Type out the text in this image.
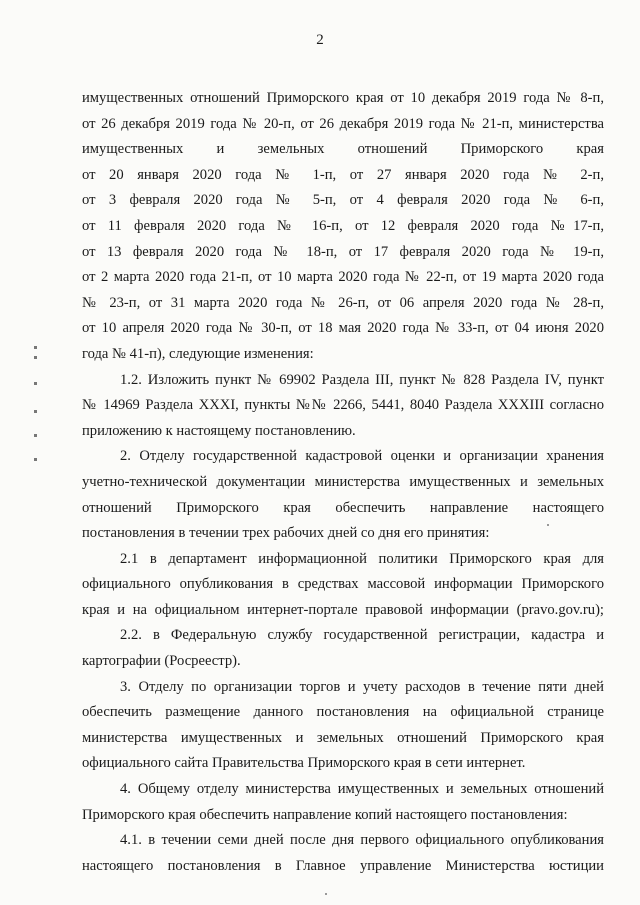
2
имущественных отношений Приморского края от 10 декабря 2019 года № 8-п,
от 26 декабря 2019 года № 20-п, от 26 декабря 2019 года № 21-п, министерства
имущественных и земельных отношений Приморского края
от 20 января 2020 года № 1-п, от 27 января 2020 года № 2-п,
от 3 февраля 2020 года № 5-п, от 4 февраля 2020 года № 6-п,
от 11 февраля 2020 года № 16-п, от 12 февраля 2020 года №17-п,
от 13 февраля 2020 года № 18-п, от 17 февраля 2020 года № 19-п,
от 2 марта 2020 года 21-п, от 10 марта 2020 года № 22-п, от 19 марта 2020 года
№ 23-п, от 31 марта 2020 года № 26-п, от 06 апреля 2020 года № 28-п,
от 10 апреля 2020 года № 30-п, от 18 мая 2020 года № 33-п, от 04 июня 2020
года № 41-п), следующие изменения:
1.2. Изложить пункт № 69902 Раздела III, пункт № 828 Раздела IV, пункт
№ 14969 Раздела XXXI, пункты №№ 2266, 5441, 8040 Раздела XXXIII согласно
приложению к настоящему постановлению.
2. Отделу государственной кадастровой оценки и организации хранения
учетно-технической документации министерства имущественных и земельных
отношений Приморского края обеспечить направление настоящего
постановления в течении трех рабочих дней со дня его принятия:
2.1 в департамент информационной политики Приморского края для
официального опубликования в средствах массовой информации Приморского
края и на официальном интернет-портале правовой информации (pravo.gov.ru);
2.2. в Федеральную службу государственной регистрации, кадастра и
картографии (Росреестр).
3. Отделу по организации торгов и учету расходов в течение пяти дней
обеспечить размещение данного постановления на официальной странице
министерства имущественных и земельных отношений Приморского края
официального сайта Правительства Приморского края в сети интернет.
4. Общему отделу министерства имущественных и земельных отношений
Приморского края обеспечить направление копий настоящего постановления:
4.1. в течении семи дней после дня первого официального опубликования
настоящего постановления в Главное управление Министерства юстиции
